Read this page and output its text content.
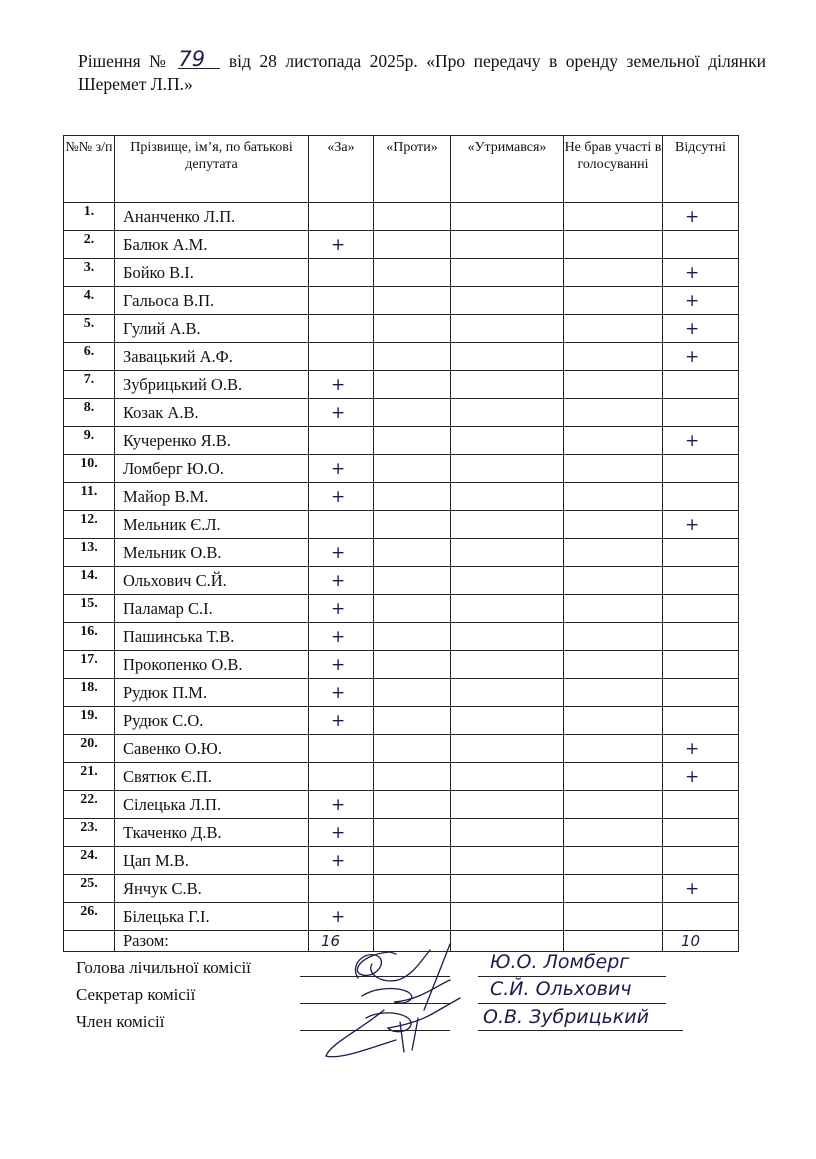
Рішення № 79 від 28 листопада 2025р. «Про передачу в оренду земельної ділянки Шеремет Л.П.»
№№ з/п	Прізвище, ім’я, по батькові депутата	«За»	«Проти»	«Утримався»	Не брав участі в голосуванні	Відсутні
1.	Ананченко Л.П.					+
2.	Балюк А.М.	+				
3.	Бойко В.І.					+
4.	Гальоса В.П.					+
5.	Гулий А.В.					+
6.	Завацький А.Ф.					+
7.	Зубрицький О.В.	+				
8.	Козак А.В.	+				
9.	Кучеренко Я.В.					+
10.	Ломберг Ю.О.	+				
11.	Майор В.М.	+				
12.	Мельник Є.Л.					+
13.	Мельник О.В.	+				
14.	Ольхович С.Й.	+				
15.	Паламар С.І.	+				
16.	Пашинська Т.В.	+				
17.	Прокопенко О.В.	+				
18.	Рудюк П.М.	+				
19.	Рудюк С.О.	+				
20.	Савенко О.Ю.					+
21.	Святюк Є.П.					+
22.	Сілецька Л.П.	+				
23.	Ткаченко Д.В.	+				
24.	Цап М.В.	+				
25.	Янчук С.В.					+
26.	Білецька Г.І.	+				
	Разом:	16				10
Голова лічильної комісії
Секретар комісії
Член комісії
Ю.О. Ломберг
С.Й. Ольхович
О.В. Зубрицький
